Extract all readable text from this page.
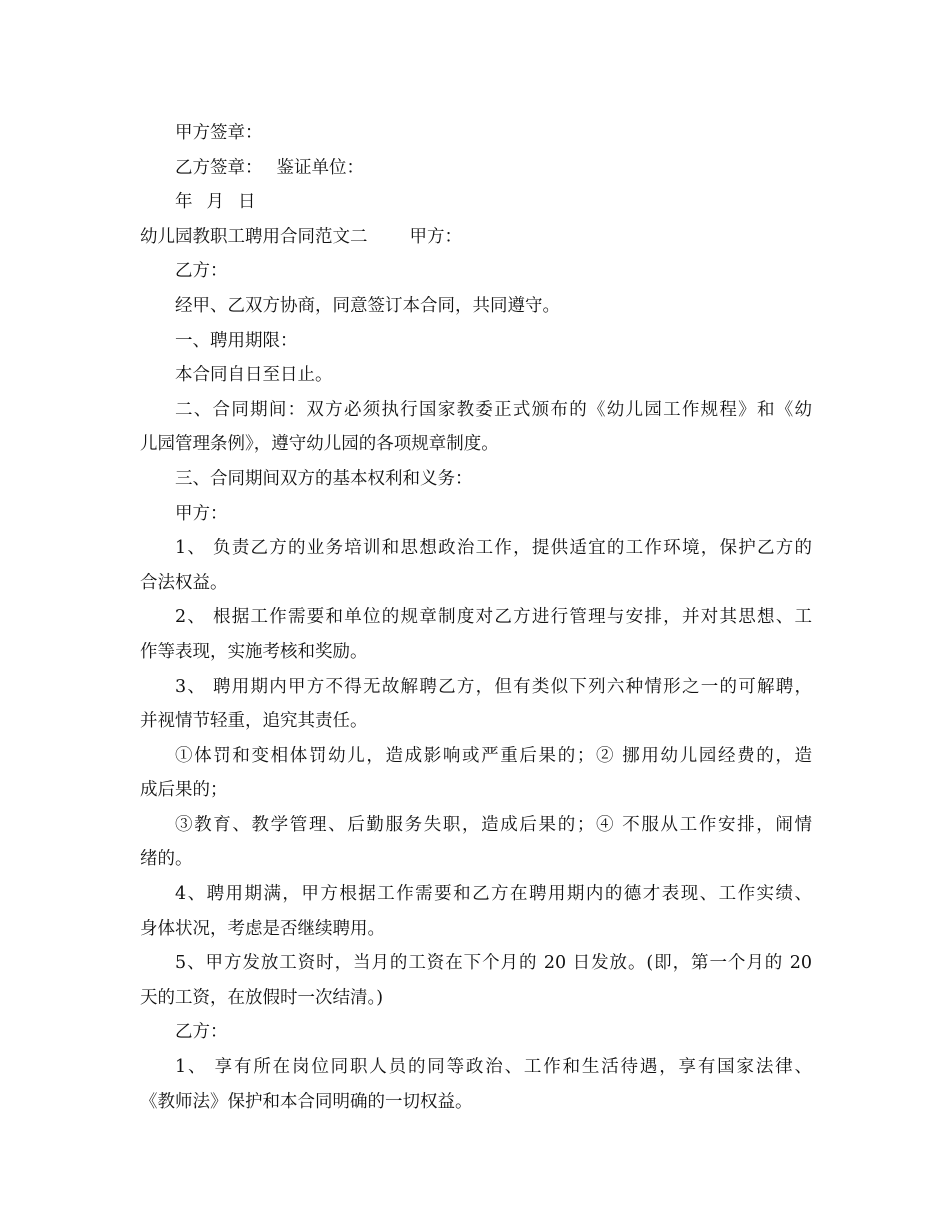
甲方签章：
乙方签章： 鉴证单位：
年 月 日
幼儿园教职工聘用合同范文二 甲方：
乙方：
经甲、乙双方协商，同意签订本合同，共同遵守。
一、聘用期限：
本合同自日至日止。
二、合同期间：双方必须执行国家教委正式颁布的《幼儿园工作规程》和《幼
儿园管理条例》，遵守幼儿园的各项规章制度。
三、合同期间双方的基本权利和义务：
甲方：
1、 负责乙方的业务培训和思想政治工作，提供适宜的工作环境，保护乙方的
合法权益。
2、 根据工作需要和单位的规章制度对乙方进行管理与安排，并对其思想、工
作等表现，实施考核和奖励。
3、 聘用期内甲方不得无故解聘乙方，但有类似下列六种情形之一的可解聘，
并视情节轻重，追究其责任。
①体罚和变相体罚幼儿，造成影响或严重后果的；② 挪用幼儿园经费的，造
成后果的；
③教育、教学管理、后勤服务失职，造成后果的；④ 不服从工作安排，闹情
绪的。
4、聘用期满，甲方根据工作需要和乙方在聘用期内的德才表现、工作实绩、
身体状况，考虑是否继续聘用。
5、甲方发放工资时，当月的工资在下个月的 20 日发放。(即，第一个月的 20
天的工资，在放假时一次结清。)
乙方：
1、 享有所在岗位同职人员的同等政治、工作和生活待遇，享有国家法律、
《教师法》保护和本合同明确的一切权益。
